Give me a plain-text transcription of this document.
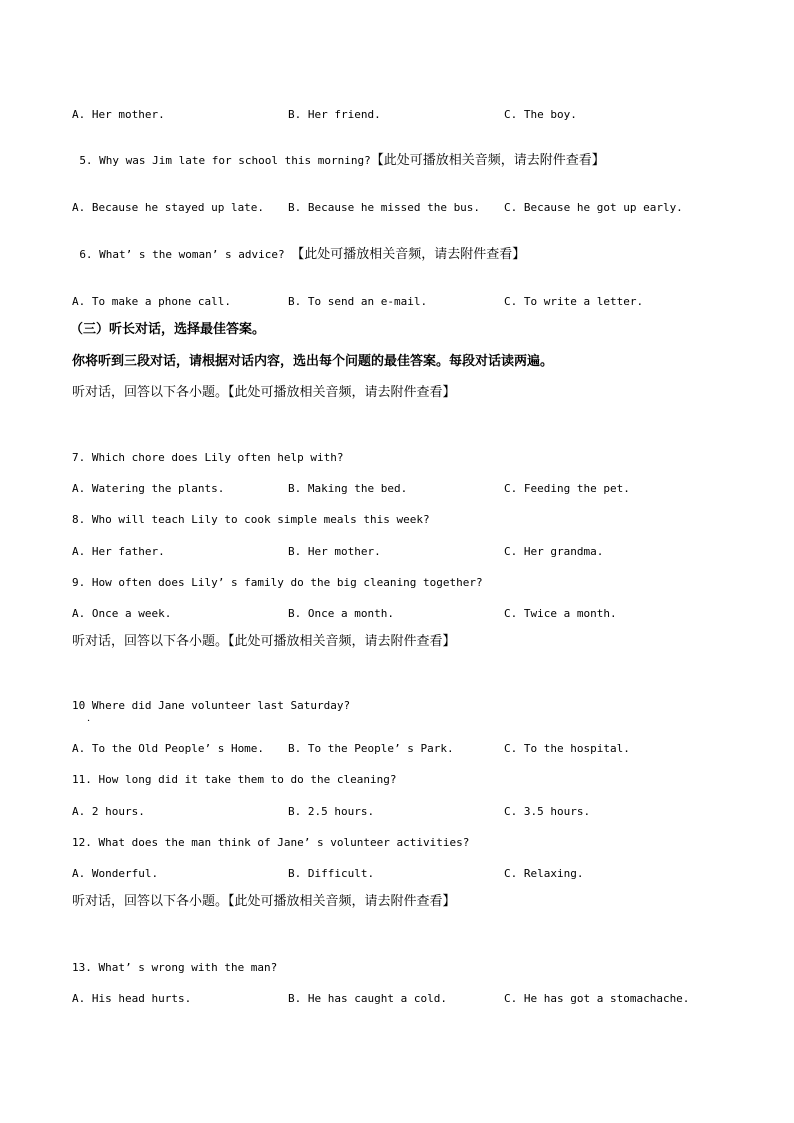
A. Her mother.	B. Her friend.	C. The boy.

5. Why was Jim late for school this morning?【此处可播放相关音频，请去附件查看】

A. Because he stayed up late. B. Because he missed the bus. C. Because he got up early.

6. What’ s the woman’ s advice? 【此处可播放相关音频，请去附件查看】

A. To make a phone call.	B. To send an e-mail.	C. To write a letter.
（三）听长对话，选择最佳答案。
你将听到三段对话，请根据对话内容，选出每个问题的最佳答案。每段对话读两遍。
听对话，回答以下各小题。【此处可播放相关音频，请去附件查看】
7. Which chore does Lily often help with?
A. Watering the plants.	B. Making the bed.	C. Feeding the pet.
8. Who will teach Lily to cook simple meals this week?
A. Her father.	B. Her mother.	C. Her grandma.
9. How often does Lily’ s family do the big cleaning together?
A. Once a week.	B. Once a month.	C. Twice a month.
听对话，回答以下各小题。【此处可播放相关音频，请去附件查看】
10 Where did Jane volunteer last Saturday?
．
A. To the Old People’ s Home. B. To the People’ s Park.	C. To the hospital.
11. How long did it take them to do the cleaning?
A. 2 hours.	B. 2.5 hours.	C. 3.5 hours.
12. What does the man think of Jane’ s volunteer activities?
A. Wonderful.	B. Difficult.	C. Relaxing.
听对话，回答以下各小题。【此处可播放相关音频，请去附件查看】
13. What’ s wrong with the man?
A. His head hurts.	B. He has caught a cold.	C. He has got a stomachache.
